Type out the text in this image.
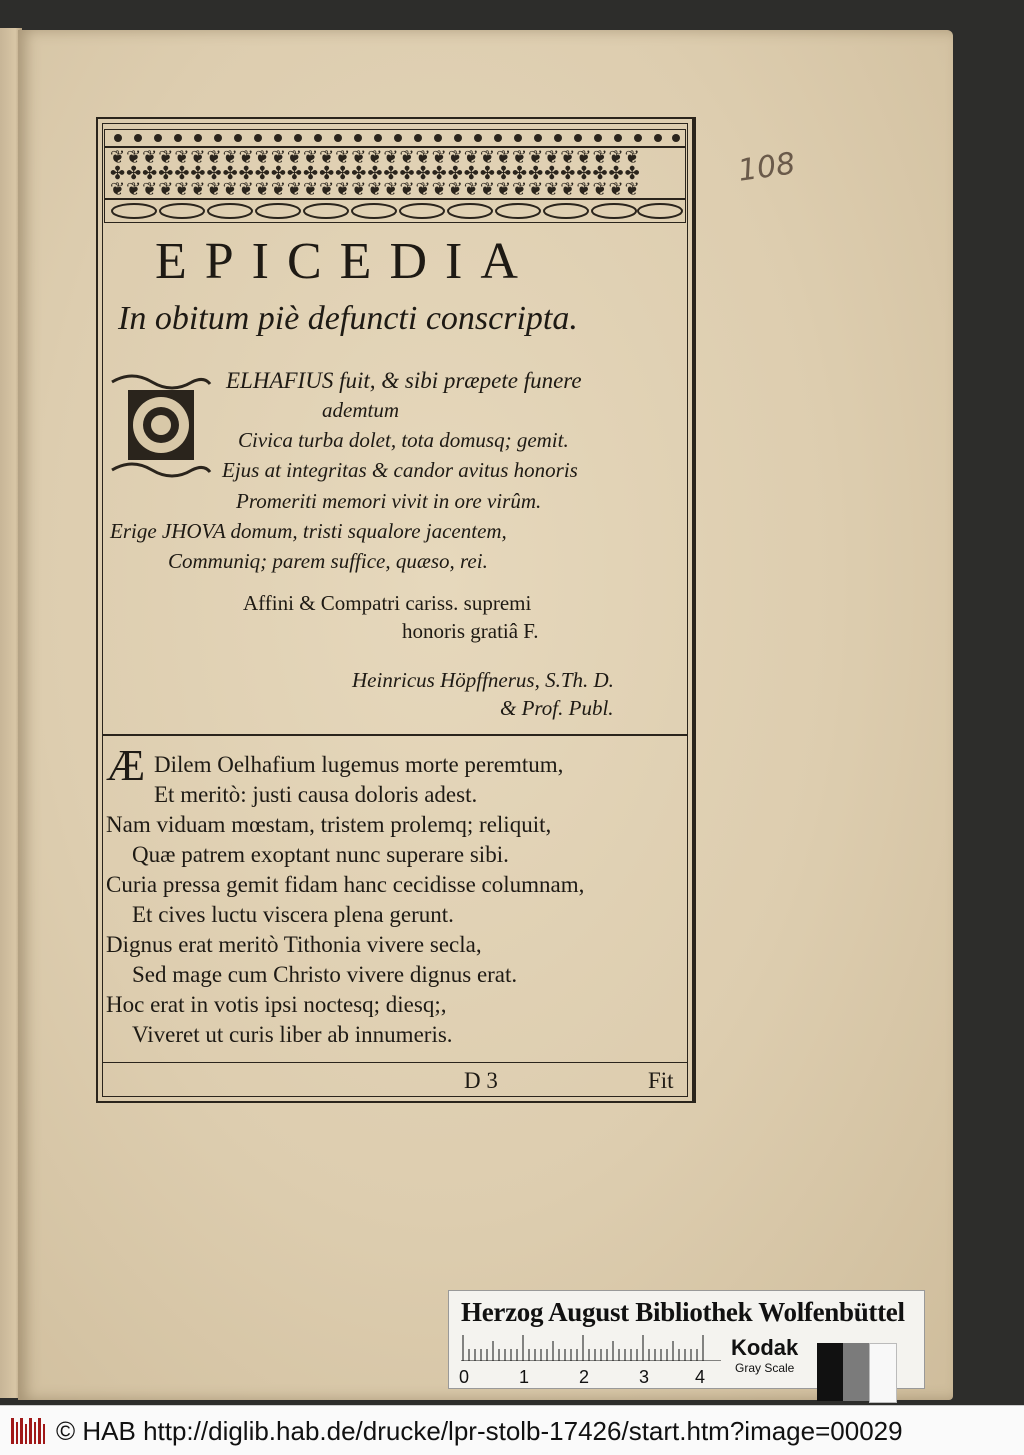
❦❦❦❦❦❦❦❦❦❦❦❦❦❦❦❦❦❦❦❦❦❦❦❦❦❦❦❦❦❦❦❦❦
✤✤✤✤✤✤✤✤✤✤✤✤✤✤✤✤✤✤✤✤✤✤✤✤✤✤✤✤✤✤✤✤✤
❦❦❦❦❦❦❦❦❦❦❦❦❦❦❦❦❦❦❦❦❦❦❦❦❦❦❦❦❦❦❦❦❦
EPICEDIA
In obitum piè defuncti conscripta.
ELHAFIUS fuit, & sibi præpete funere
ademtum
Civica turba dolet, tota domusq; gemit.
Ejus at integritas & candor avitus honoris
Promeriti memori vivit in ore virûm.
Erige JHOVA domum, tristi squalore jacentem,
Communiq; parem suffice, quæso, rei.
Affini & Compatri cariss. supremi
honoris gratiâ F.
Heinricus Höpffnerus, S.Th. D.
& Prof. Publ.
Æ Dilem Oelhafium lugemus morte peremtum,
Et meritò: justi causa doloris adest.
Nam viduam mœstam, tristem prolemq; reliquit,
Quæ patrem exoptant nunc superare sibi.
Curia pressa gemit fidam hanc cecidisse columnam,
Et cives luctu viscera plena gerunt.
Dignus erat meritò Tithonia vivere secla,
Sed mage cum Christo vivere dignus erat.
Hoc erat in votis ipsi noctesq; diesq;,
Viveret ut curis liber ab innumeris.
D 3	Fit
108
Herzog August Bibliothek Wolfenbüttel
0	1	2	3	4
Kodak
Gray Scale
© HAB http://diglib.hab.de/drucke/lpr-stolb-17426/start.htm?image=00029
